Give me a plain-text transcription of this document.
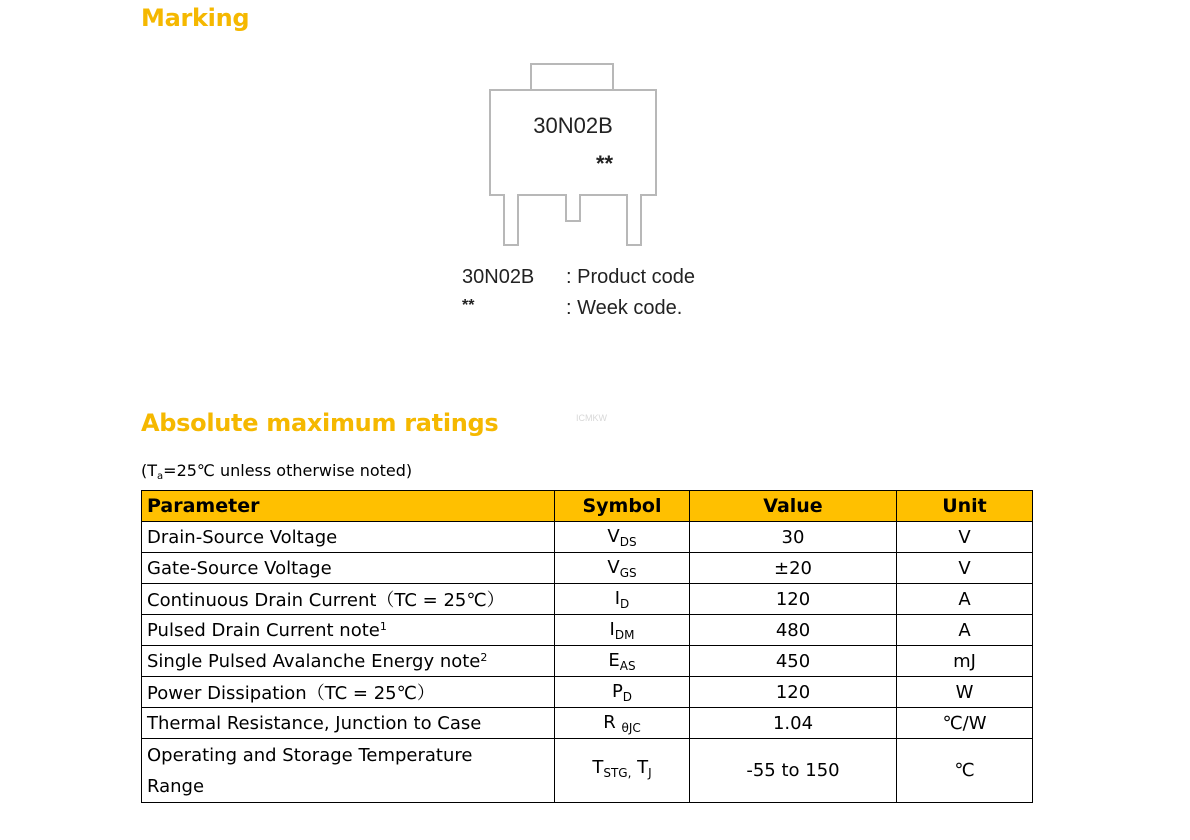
Marking
30N02B
**
30N02B : Product code
**	: Week code.
Absolute maximum ratings	ICMKW
($T_a=25℃$ unless otherwise noted)
Parameter	Symbol	Value	Unit
Drain-Source Voltage	$V_{DS}$	30	V
Gate-Source Voltage	$V_{GS}$	±20	V
Continuous Drain Current（TC = 25℃）	$I_D$	120	A
Pulsed Drain Current note$^1$	$I_{DM}$	480	A
Single Pulsed Avalanche Energy note$^2$	$E_{AS}$	450	mJ
Power Dissipation（TC = 25℃）	$P_D$	120	W
Thermal Resistance, Junction to Case	R $_{\theta JC}$	1.04	℃/W
Operating and Storage Temperature Range	$T_{STG,}$ $T_J$	-55 to 150	℃
